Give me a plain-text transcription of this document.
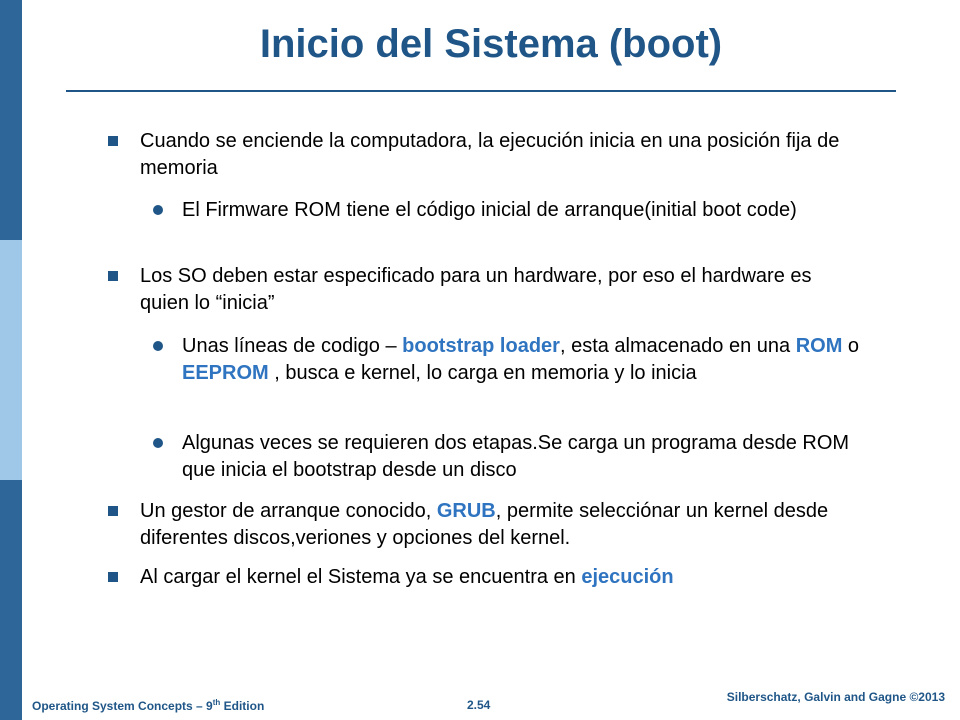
Inicio del Sistema (boot)
Cuando se enciende la computadora, la ejecución inicia en una posición fija de memoria
El Firmware ROM tiene el código inicial de arranque(initial boot code)
Los SO deben estar especificado para un hardware, por eso el hardware es quien lo “inicia”
Unas líneas de codigo – bootstrap loader, esta almacenado en una ROM o EEPROM , busca e kernel, lo carga en memoria y lo inicia
Algunas veces se requieren dos etapas.Se carga un programa desde ROM que inicia el bootstrap desde un disco
Un gestor de arranque conocido, GRUB, permite selecciónar un kernel desde diferentes discos,veriones y opciones del kernel.
Al cargar el kernel el Sistema ya se encuentra en ejecución
Operating System Concepts – 9th Edition	2.54
Silberschatz, Galvin and Gagne ©2013
